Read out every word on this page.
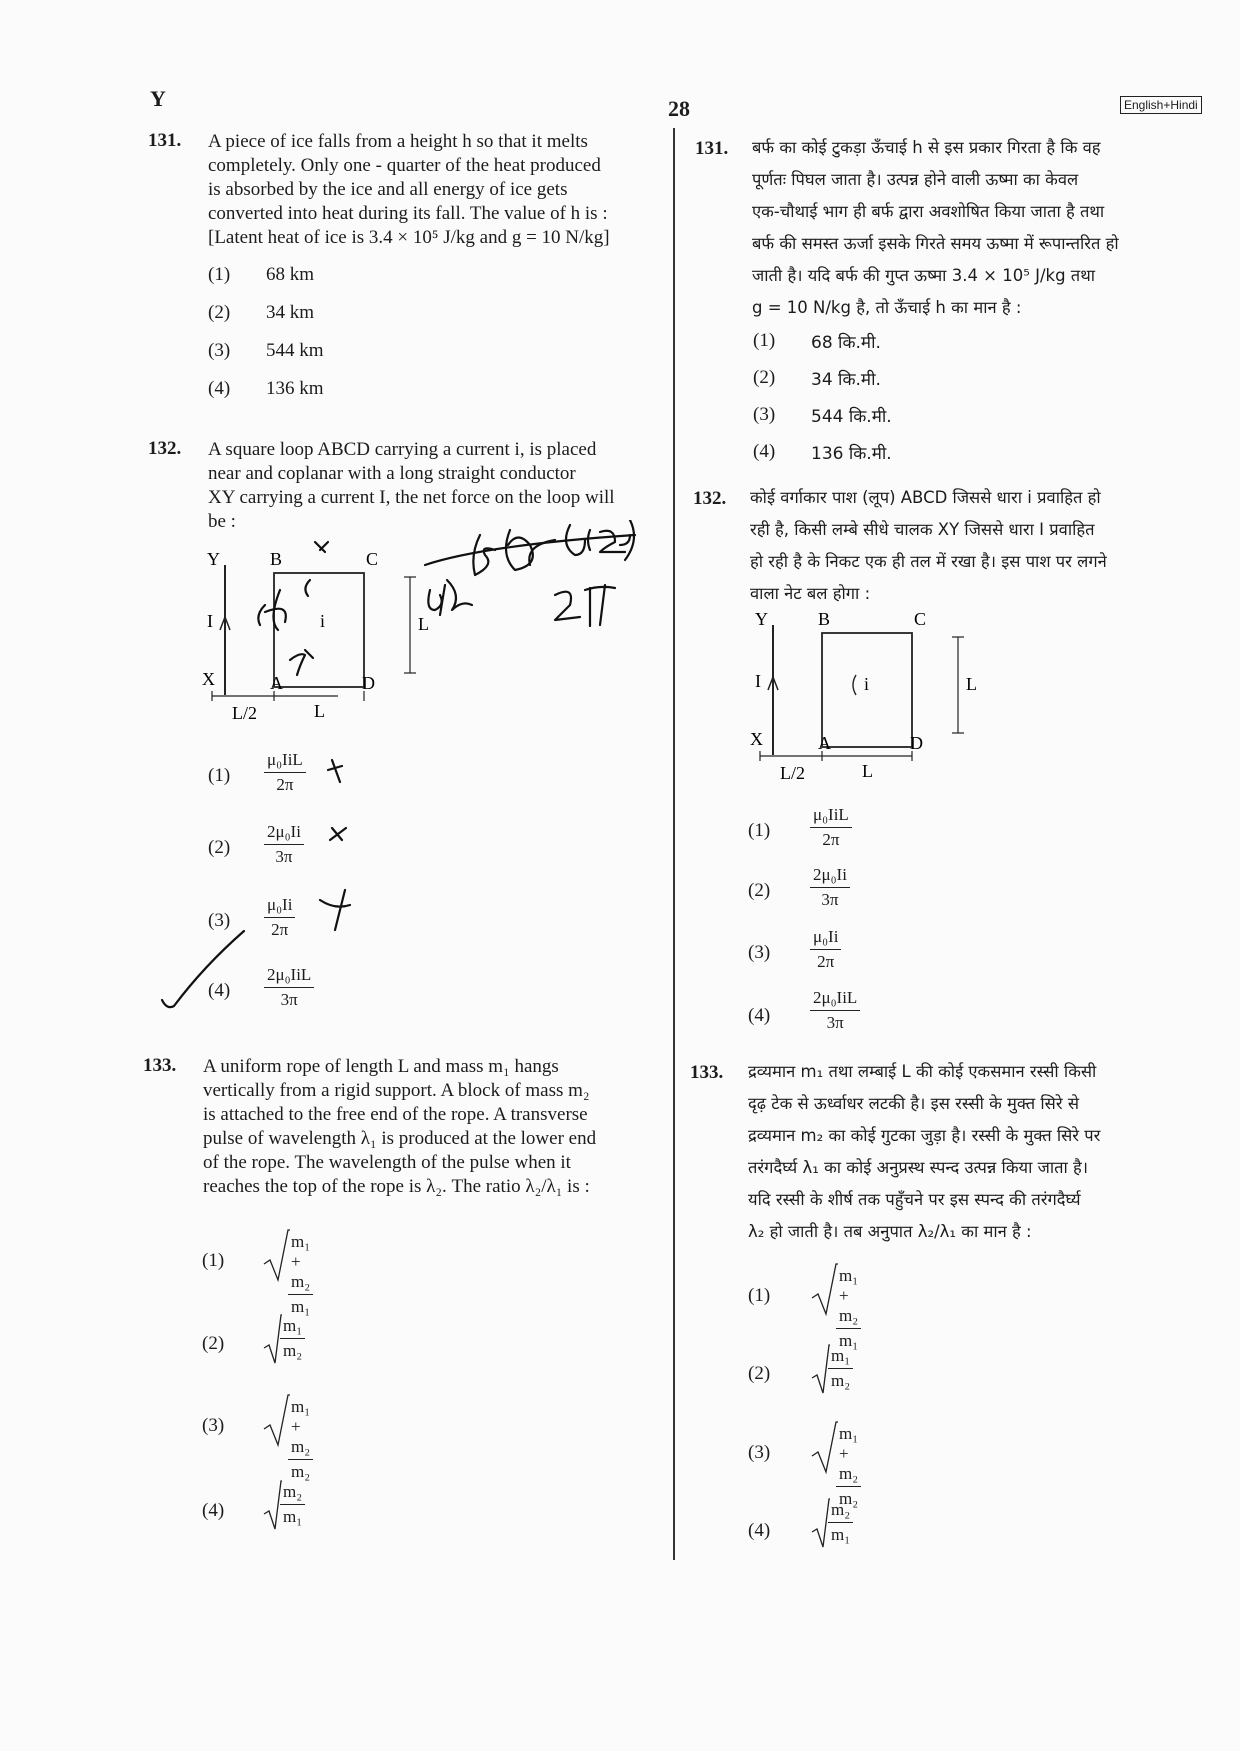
Y	28	English+Hindi
131. A piece of ice falls from a height h so that it melts
completely. Only one - quarter of the heat produced
is absorbed by the ice and all energy of ice gets
converted into heat during its fall. The value of h is :
[Latent heat of ice is 3.4 × 10⁵ J/kg and g = 10 N/kg]
(1) 68 km
(2) 34 km
(3) 544 km
(4) 136 km
132. A square loop ABCD carrying a current i, is placed
near and coplanar with a long straight conductor
XY carrying a current I, the net force on the loop will
be :
Y	B	C
I	i	L
X	A	D
L/2	L
(1)
μ₀IiL
2π
$(2) \frac{\text{2μ₀Ii}}{3\pi}$
$(3) \frac{\text{μ₀Ii}}{2\pi}$
(4)
2μ₀IiL
3π
133. A uniform rope of length L and mass m₁ hangs
vertically from a rigid support. A block of mass m₂
is attached to the free end of the rope. A transverse
pulse of wavelength λ₁ is produced at the lower end
of the rope. The wavelength of the pulse when it
reaches the top of the rope is λ₂. The ratio λ₂/λ₁ is :
(1)	$\frac{\text{m₁ + m₂}}{\text{m₁}}$
(2)	$\frac{\text{m₁}}{\text{m₂}}$
(3)	$\frac{\text{m₁ + m₂}}{\text{m₂}}$
(4)	$\frac{\text{m₂}}{\text{m₁}}$
131. बर्फ का कोई टुकड़ा ऊँचाई h से इस प्रकार गिरता है कि वह
पूर्णतः पिघल जाता है। उत्पन्न होने वाली ऊष्मा का केवल
एक-चौथाई भाग ही बर्फ द्वारा अवशोषित किया जाता है तथा
बर्फ की समस्त ऊर्जा इसके गिरते समय ऊष्मा में रूपान्तरित हो
जाती है। यदि बर्फ की गुप्त ऊष्मा 3.4 × 10⁵ J/kg तथा
g = 10 N/kg है, तो ऊँचाई h का मान है :
(1) 68 कि.मी.
(2) 34 कि.मी.
(3) 544 कि.मी.
(4) 136 कि.मी.
132. कोई वर्गाकार पाश (लूप) ABCD जिससे धारा i प्रवाहित हो
रही है, किसी लम्बे सीधे चालक XY जिससे धारा I प्रवाहित
हो रही है के निकट एक ही तल में रखा है। इस पाश पर लगने
वाला नेट बल होगा :
Y	B	C
I	i	L
X	A	D
L/2	L
(1)
μ₀IiL
2π
$(2) \frac{\text{2μ₀Ii}}{3\pi}$
$(3) \frac{\text{μ₀Ii}}{2\pi}$
(4)
2μ₀IiL
3π
133. द्रव्यमान m₁ तथा लम्बाई L की कोई एकसमान रस्सी किसी
दृढ़ टेक से ऊर्ध्वाधर लटकी है। इस रस्सी के मुक्त सिरे से
द्रव्यमान m₂ का कोई गुटका जुड़ा है। रस्सी के मुक्त सिरे पर
तरंगदैर्घ्य λ₁ का कोई अनुप्रस्थ स्पन्द उत्पन्न किया जाता है।
यदि रस्सी के शीर्ष तक पहुँचने पर इस स्पन्द की तरंगदैर्घ्य
λ₂ हो जाती है। तब अनुपात λ₂/λ₁ का मान है :
(1)	$\frac{\text{m₁ + m₂}}{\text{m₁}}$
(2)	$\frac{\text{m₁}}{\text{m₂}}$
(3)	$\frac{\text{m₁ + m₂}}{\text{m₂}}$
(4)	$\frac{\text{m₂}}{\text{m₁}}$
